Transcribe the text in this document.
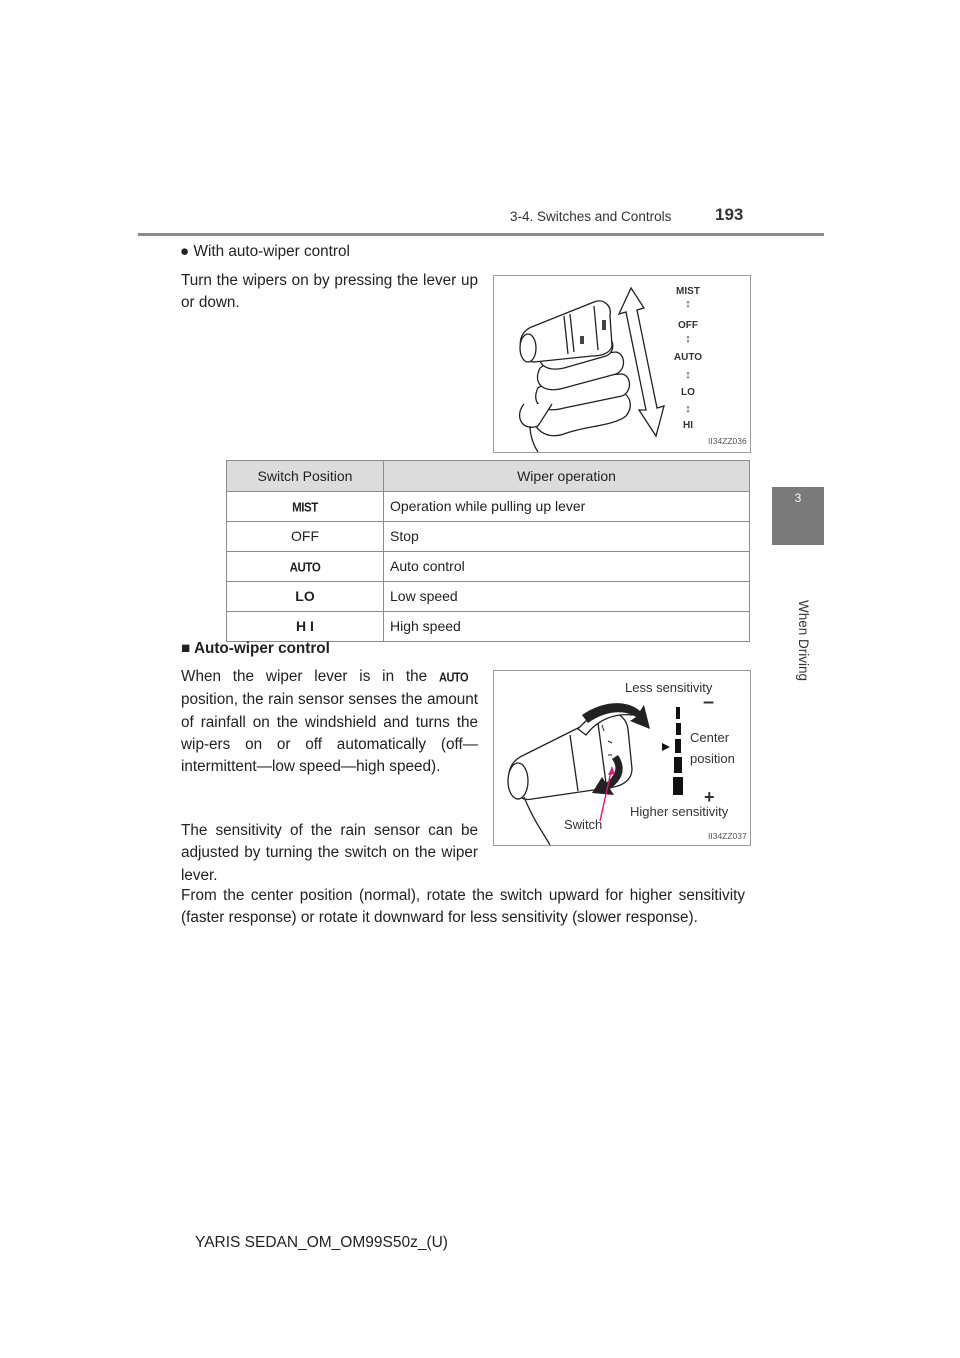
3-4. Switches and Controls	193
3
When Driving
● With auto-wiper control
Turn the wipers on by pressing the lever up or down.
MIST
↕
OFF
↕
AUTO
↕
LO
↕
HI
II34ZZ036
Switch Position	Wiper operation
MIST	Operation while pulling up lever
OFF	Stop
AUTO	Auto control
LO	Low speed
H I	High speed
■ Auto-wiper control
When the wiper lever is in the AUTOposition, the rain sensor senses the amount of rainfall on the windshield and turns the wip-ers on or off automatically (off—intermittent—low speed—high speed).
The sensitivity of the rain sensor can be adjusted by turning the switch on the wiper lever.
From the center position (normal), rotate the switch upward for higher sensitivity (faster response) or rotate it downward for less sensitivity (slower response).
Less sensitivity
–
Center
position
+
Higher sensitivity
Switch
II34ZZ037
YARIS SEDAN_OM_OM99S50z_(U)
